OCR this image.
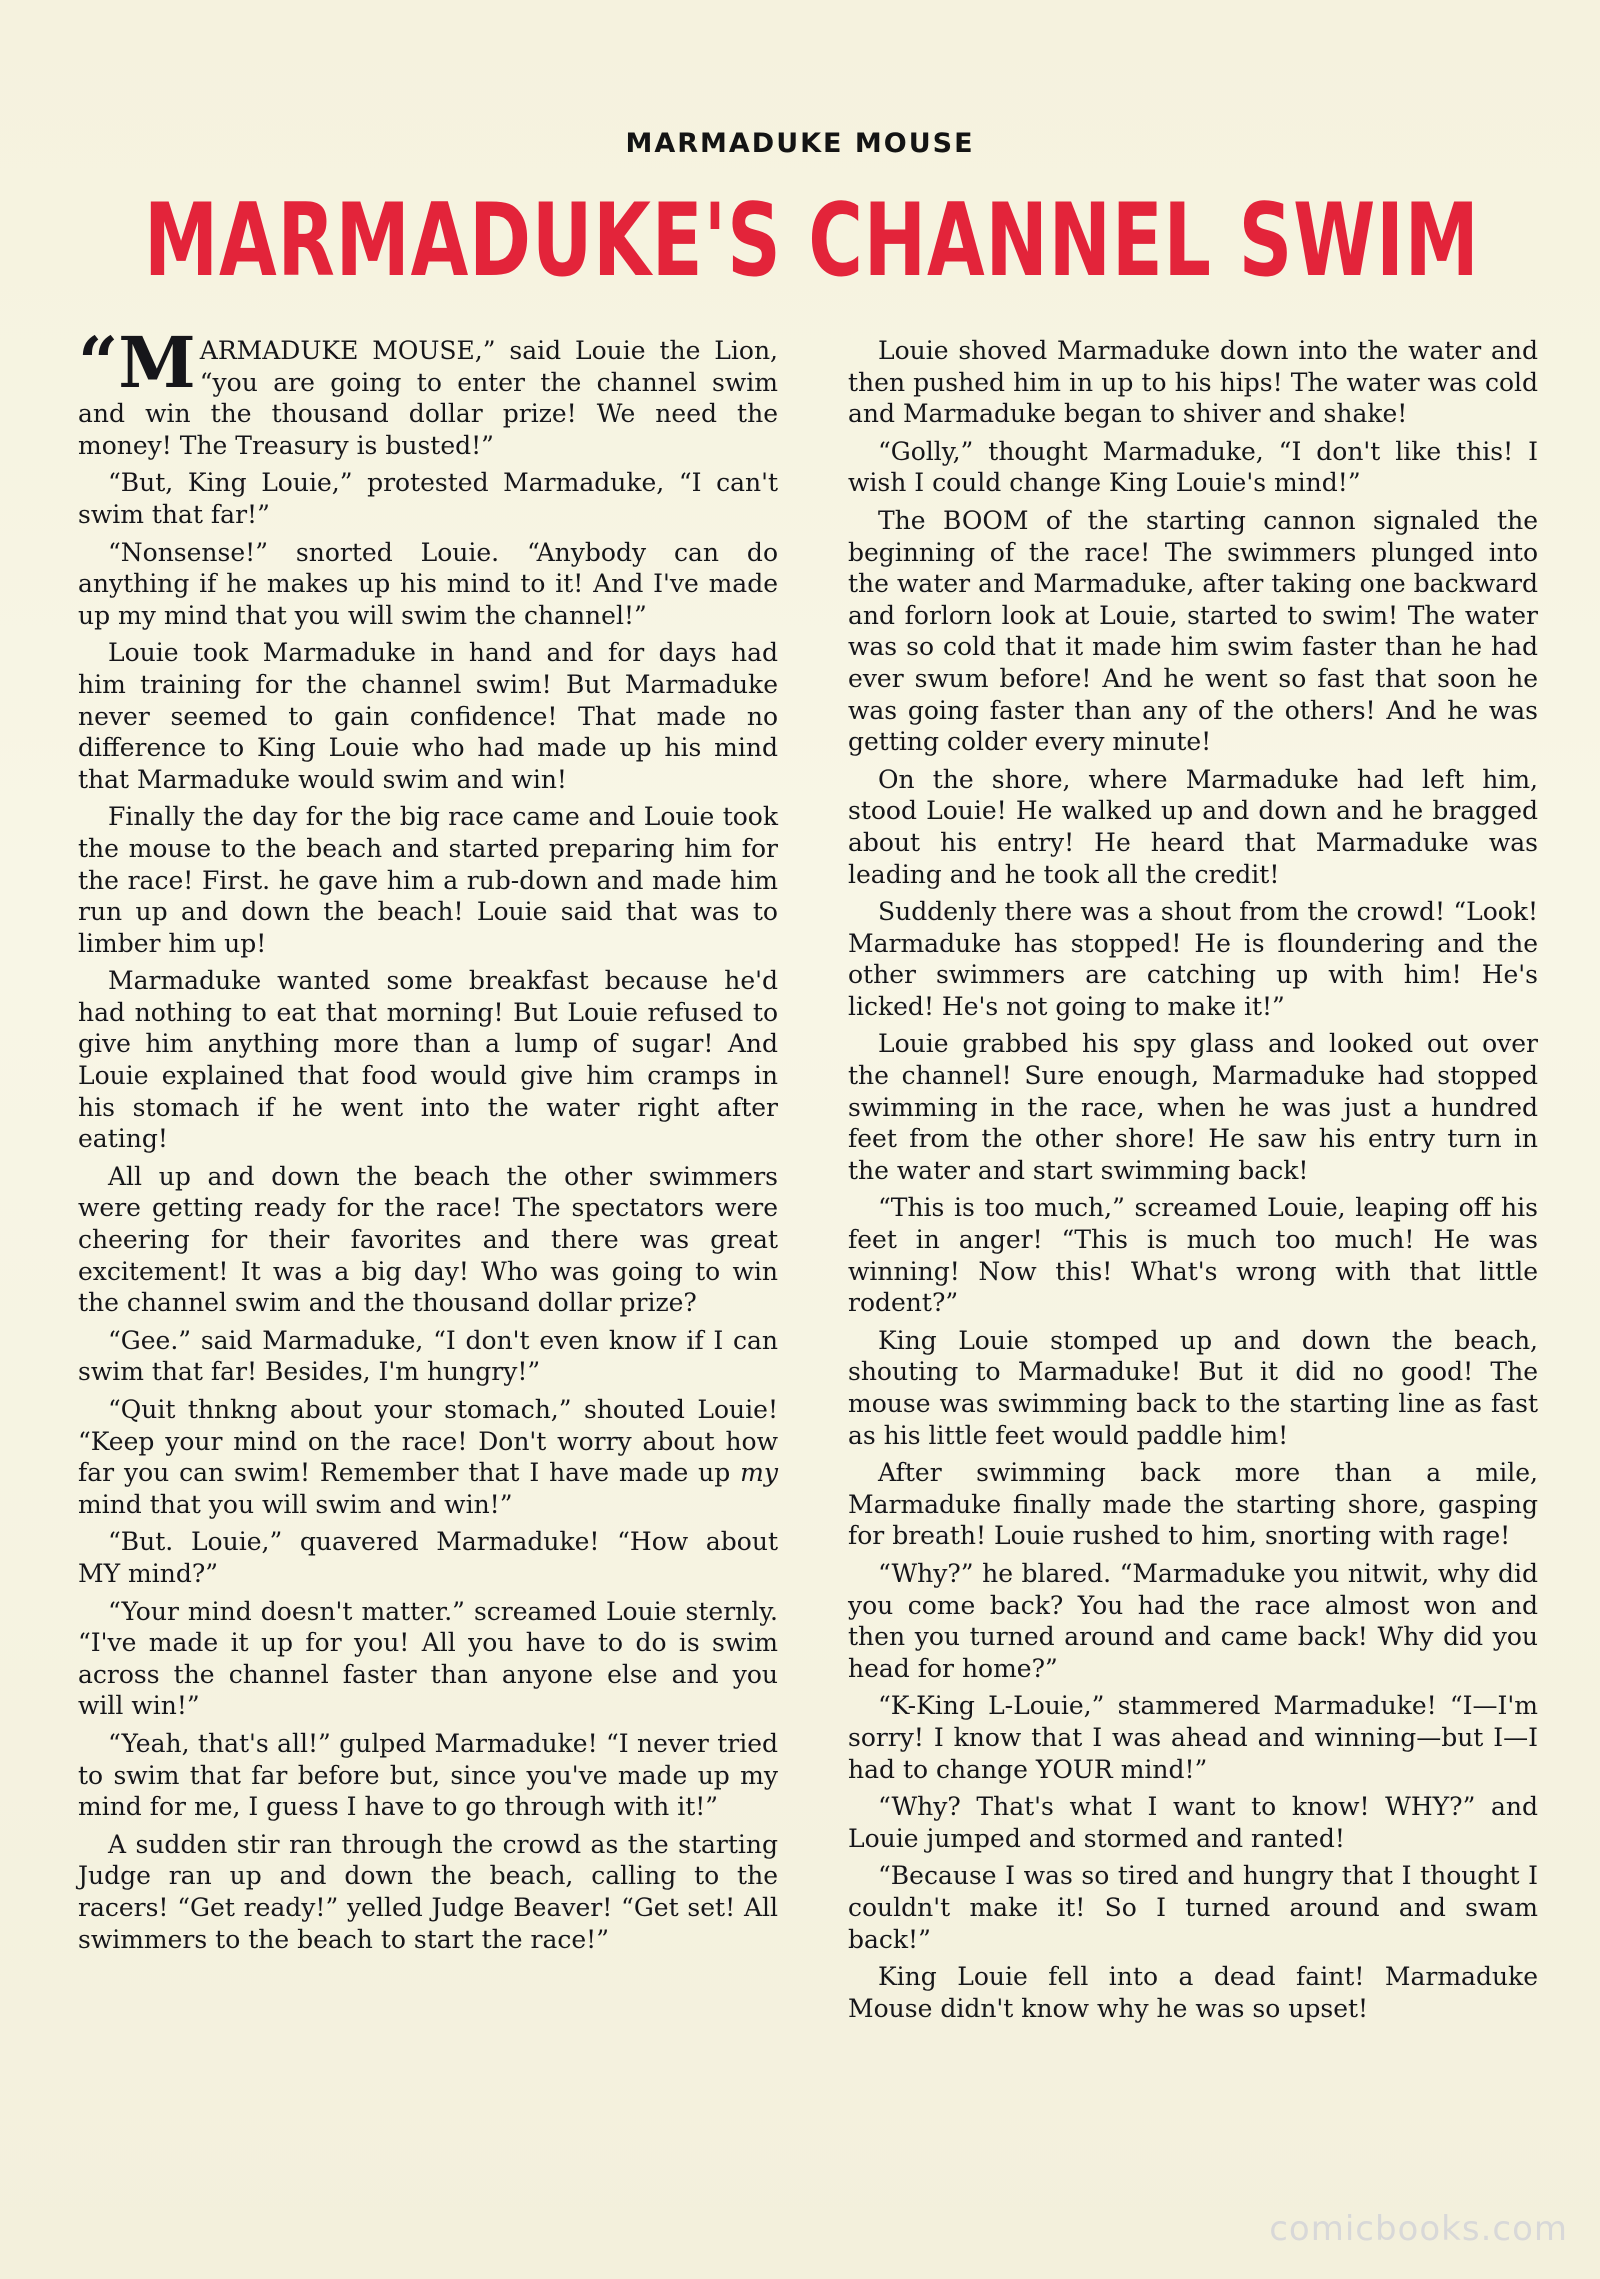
MARMADUKE MOUSE
MARMADUKE'S CHANNEL SWIM

“M ARMADUKE MOUSE,” said Louie the Lion, “you are going to enter the channel swim and win the thousand dollar prize! We need the money! The Treasury is busted!”

“But, King Louie,” protested Marmaduke, “I can't swim that far!”

“Nonsense!” snorted Louie. “Anybody can do anything if he makes up his mind to it! And I've made up my mind that you will swim the channel!”

Louie took Marmaduke in hand and for days had him training for the channel swim! But Marmaduke never seemed to gain confidence! That made no difference to King Louie who had made up his mind that Marmaduke would swim and win!

Finally the day for the big race came and Louie took the mouse to the beach and started preparing him for the race! First. he gave him a rub-down and made him run up and down the beach! Louie said that was to limber him up!

Marmaduke wanted some breakfast because he'd had nothing to eat that morning! But Louie refused to give him anything more than a lump of sugar! And Louie explained that food would give him cramps in his stomach if he went into the water right after eating!

All up and down the beach the other swimmers were getting ready for the race! The spectators were cheering for their favorites and there was great excitement! It was a big day! Who was going to win the channel swim and the thousand dollar prize?

“Gee.” said Marmaduke, “I don't even know if I can swim that far! Besides, I'm hungry!”

“Quit thnkng about your stomach,” shouted Louie! “Keep your mind on the race! Don't worry about how far you can swim! Remember that I have made up my mind that you will swim and win!”

“But. Louie,” quavered Marmaduke! “How about MY mind?”

“Your mind doesn't matter.” screamed Louie sternly. “I've made it up for you! All you have to do is swim across the channel faster than anyone else and you will win!”

“Yeah, that's all!” gulped Marmaduke! “I never tried to swim that far before but, since you've made up my mind for me, I guess I have to go through with it!”

A sudden stir ran through the crowd as the starting Judge ran up and down the beach, calling to the racers! “Get ready!” yelled Judge Beaver! “Get set! All swimmers to the beach to start the race!”

Louie shoved Marmaduke down into the water and then pushed him in up to his hips! The water was cold and Marmaduke began to shiver and shake!

“Golly,” thought Marmaduke, “I don't like this! I wish I could change King Louie's mind!”

The BOOM of the starting cannon signaled the beginning of the race! The swimmers plunged into the water and Marmaduke, after taking one backward and forlorn look at Louie, started to swim! The water was so cold that it made him swim faster than he had ever swum before! And he went so fast that soon he was going faster than any of the others! And he was getting colder every minute!

On the shore, where Marmaduke had left him, stood Louie! He walked up and down and he bragged about his entry! He heard that Marmaduke was leading and he took all the credit!

Suddenly there was a shout from the crowd! “Look! Marmaduke has stopped! He is floundering and the other swimmers are catching up with him! He's licked! He's not going to make it!”

Louie grabbed his spy glass and looked out over the channel! Sure enough, Marmaduke had stopped swimming in the race, when he was just a hundred feet from the other shore! He saw his entry turn in the water and start swimming back!

“This is too much,” screamed Louie, leaping off his feet in anger! “This is much too much! He was winning! Now this! What's wrong with that little rodent?”

King Louie stomped up and down the beach, shouting to Marmaduke! But it did no good! The mouse was swimming back to the starting line as fast as his little feet would paddle him!

After swimming back more than a mile, Marmaduke finally made the starting shore, gasping for breath! Louie rushed to him, snorting with rage!

“Why?” he blared. “Marmaduke you nitwit, why did you come back? You had the race almost won and then you turned around and came back! Why did you head for home?”

“K-King L-Louie,” stammered Marmaduke! “I—I'm sorry! I know that I was ahead and winning—but I—I had to change YOUR mind!”

“Why? That's what I want to know! WHY?” and Louie jumped and stormed and ranted!

“Because I was so tired and hungry that I thought I couldn't make it! So I turned around and swam back!”

King Louie fell into a dead faint! Marmaduke Mouse didn't know why he was so upset!

comicbooks.com
